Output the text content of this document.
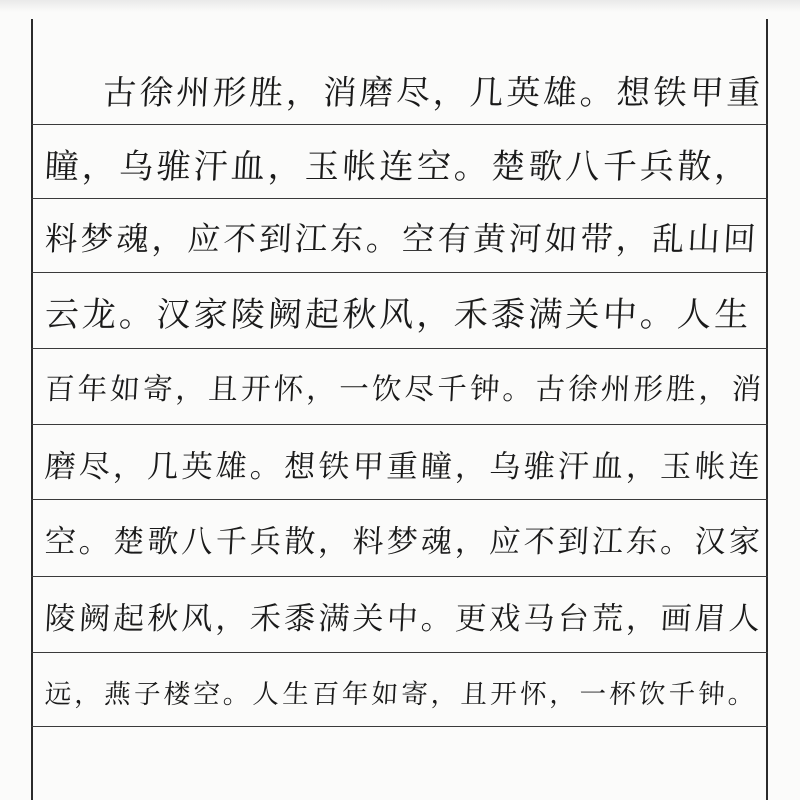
古徐州形胜，消磨尽，几英雄。想铁甲重
瞳，乌骓汗血，玉帐连空。楚歌八千兵散，
料梦魂，应不到江东。空有黄河如带，乱山回
云龙。汉家陵阙起秋风，禾黍满关中。人生
百年如寄，且开怀，一饮尽千钟。古徐州形胜，消
磨尽，几英雄。想铁甲重瞳，乌骓汗血，玉帐连
空。楚歌八千兵散，料梦魂，应不到江东。汉家
陵阙起秋风，禾黍满关中。更戏马台荒，画眉人
远，燕子楼空。人生百年如寄，且开怀，一杯饮千钟。
